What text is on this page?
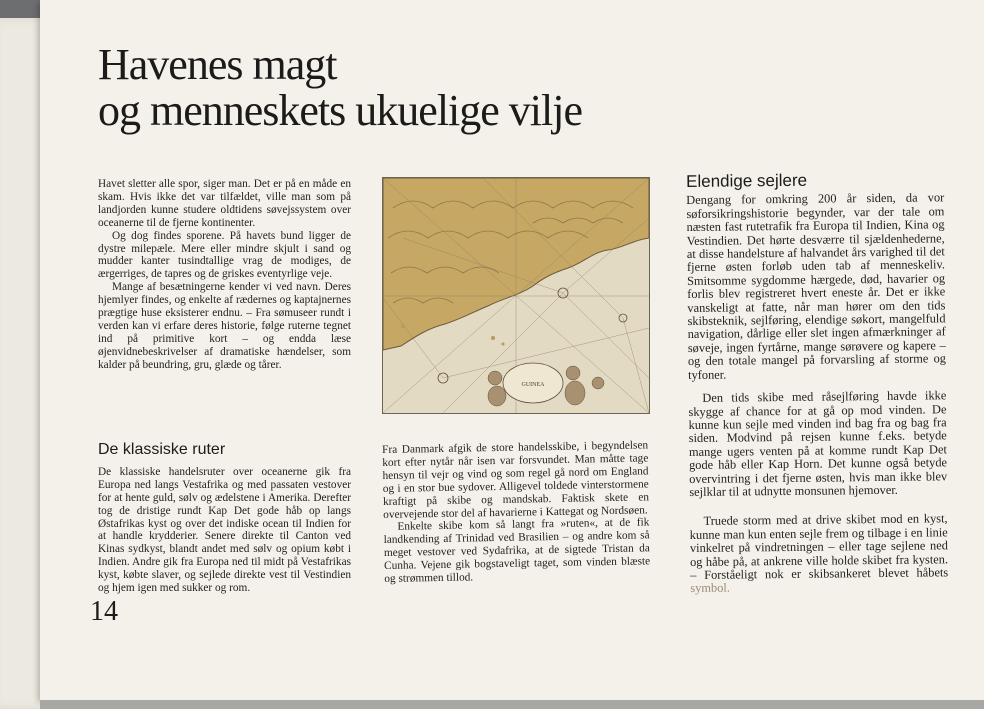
Havenes magt
og menneskets ukuelige vilje

Havet sletter alle spor, siger man. Det er på en måde en skam. Hvis ikke det var tilfældet, ville man som på landjorden kunne studere oldtidens søvejssystem over oceanerne til de fjerne kontinenter.

Og dog findes sporene. På havets bund ligger de dystre milepæle. Mere eller mindre skjult i sand og mudder kanter tusindtallige vrag de modiges, de ærgerriges, de tapres og de griskes eventyrlige veje.

Mange af besætningerne kender vi ved navn. Deres hjemlyer findes, og enkelte af rædernes og kaptajnernes prægtige huse eksisterer endnu. – Fra sømuseer rundt i verden kan vi erfare deres historie, følge ruterne tegnet ind på primitive kort – og endda læse øjenvidnebeskrivelser af dramatiske hændelser, som kalder på beundring, gru, glæde og tårer.

De klassiske ruter

De klassiske handelsruter over oceanerne gik fra Europa ned langs Vestafrika og med passaten vestover for at hente guld, sølv og ædelstene i Amerika. Derefter tog de dristige rundt Kap Det gode håb op langs Østafrikas kyst og over det indiske ocean til Indien for at handle krydderier. Senere direkte til Canton ved Kinas sydkyst, blandt andet med sølv og opium købt i Indien. Andre gik fra Europa ned til midt på Vestafrikas kyst, købte slaver, og sejlede direkte vest til Vestindien og hjem igen med sukker og rom.

14
GUINEA

Fra Danmark afgik de store handelsskibe, i begyndelsen kort efter nytår når isen var forsvundet. Man måtte tage hensyn til vejr og vind og som regel gå nord om England og i en stor bue sydover. Alligevel toldede vinterstormene kraftigt på skibe og mandskab. Faktisk skete en overvejende stor del af havarierne i Kattegat og Nordsøen.

Enkelte skibe kom så langt fra »ruten«, at de fik landkending af Trinidad ved Brasilien – og andre kom så meget vestover ved Sydafrika, at de sigtede Tristan da Cunha. Vejene gik bogstaveligt taget, som vinden blæste og strømmen tillod.

Elendige sejlere

Dengang for omkring 200 år siden, da vor søforsikringshistorie begynder, var der tale om næsten fast rutetrafik fra Europa til Indien, Kina og Vestindien. Det hørte desværre til sjældenhederne, at disse handelsture af halvandet års varighed til det fjerne østen forløb uden tab af menneskeliv. Smitsomme sygdomme hærgede, død, havarier og forlis blev registreret hvert eneste år. Det er ikke vanskeligt at fatte, når man hører om den tids skibsteknik, sejlføring, elendige søkort, mangelfuld navigation, dårlige eller slet ingen afmærkninger af søveje, ingen fyrtårne, mange sørøvere og kapere – og den totale mangel på forvarsling af storme og tyfoner.

Den tids skibe med råsejlføring havde ikke skygge af chance for at gå op mod vinden. De kunne kun sejle med vinden ind bag fra og bag fra siden. Modvind på rejsen kunne f.eks. betyde mange ugers venten på at komme rundt Kap Det gode håb eller Kap Horn. Det kunne også betyde overvintring i det fjerne østen, hvis man ikke blev sejlklar til at udnytte monsunen hjemover.

Truede storm med at drive skibet mod en kyst, kunne man kun enten sejle frem og tilbage i en linie vinkelret på vindretningen – eller tage sejlene ned og håbe på, at ankrene ville holde skibet fra kysten. – Forståeligt nok er skibsankeret blevet håbets symbol.
